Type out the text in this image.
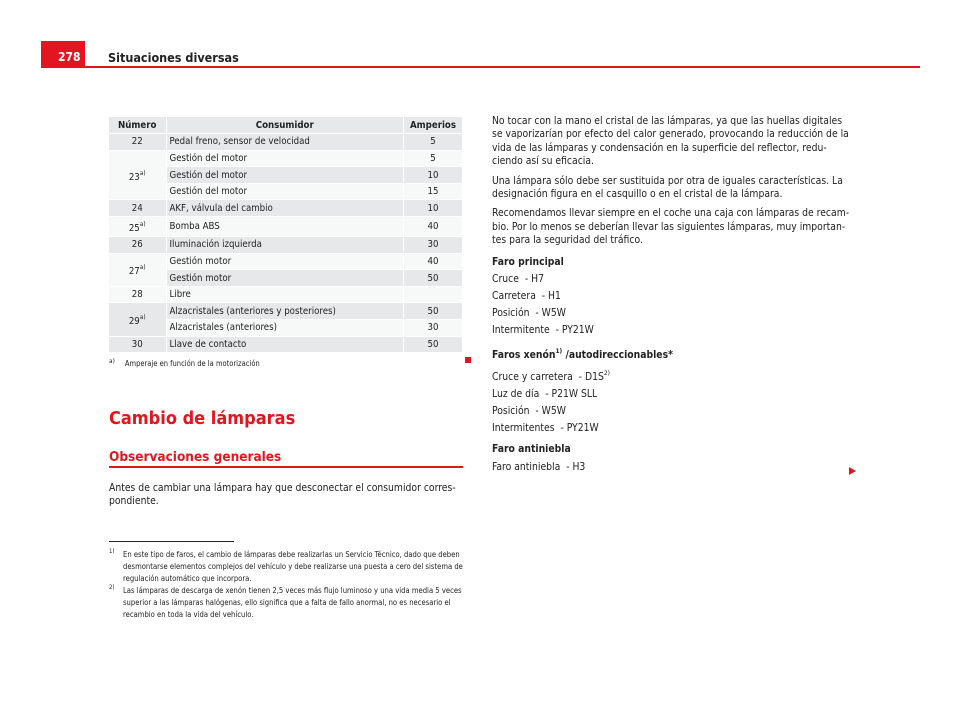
278	Situaciones diversas
Número	Consumidor	Amperios
22	Pedal freno, sensor de velocidad	5
23$^{a)}$	Gestión del motor	5
	Gestión del motor	10
	Gestión del motor	15
24	AKF, válvula del cambio	10
25$^{a)}$	Bomba ABS	40
26	Iluminación izquierda	30
27$^{a)}$	Gestión motor	40
	Gestión motor	50
28	Libre	
29$^{a)}$	Alzacristales (anteriores y posteriores)	50
	Alzacristales (anteriores)	30
30	Llave de contacto	50
$^{a)}$ Amperaje en función de la motorización
Cambio de lámparas
Observaciones generales
Antes de cambiar una lámpara hay que desconectar el consumidor correspondiente.
1) En este tipo de faros, el cambio de lámparas debe realizarlas un Servicio Técnico, dado que deben desmontarse elementos complejos del vehículo y debe realizarse una puesta a cero del sistema de regulación automático que incorpora.
2) Las lámparas de descarga de xenón tienen 2,5 veces más flujo luminoso y una vida media 5 veces superior a las lámparas halógenas, ello significa que a falta de fallo anormal, no es necesario el recambio en toda la vida del vehículo.
No tocar con la mano el cristal de las lámparas, ya que las huellas digitales se vaporizarían por efecto del calor generado, provocando la reducción de la vida de las lámparas y condensación en la superficie del reflector, reduciendo así su eficacia.
Una lámpara sólo debe ser sustituida por otra de iguales características. La designación figura en el casquillo o en el cristal de la lámpara.
Recomendamos llevar siempre en el coche una caja con lámparas de recambio. Por lo menos se deberían llevar las siguientes lámparas, muy importantes para la seguridad del tráfico.
Faro principal
Cruce  - H7
Carretera  - H1
Posición  - W5W
Intermitente  - PY21W
Faros xenón$^{1)}$ /autodireccionables*
Cruce y carretera  - $D1S^{2)}$
Luz de día  - P21W SLL
Posición  - W5W
Intermitentes  - PY21W
Faro antiniebla
Faro antiniebla  - H3
